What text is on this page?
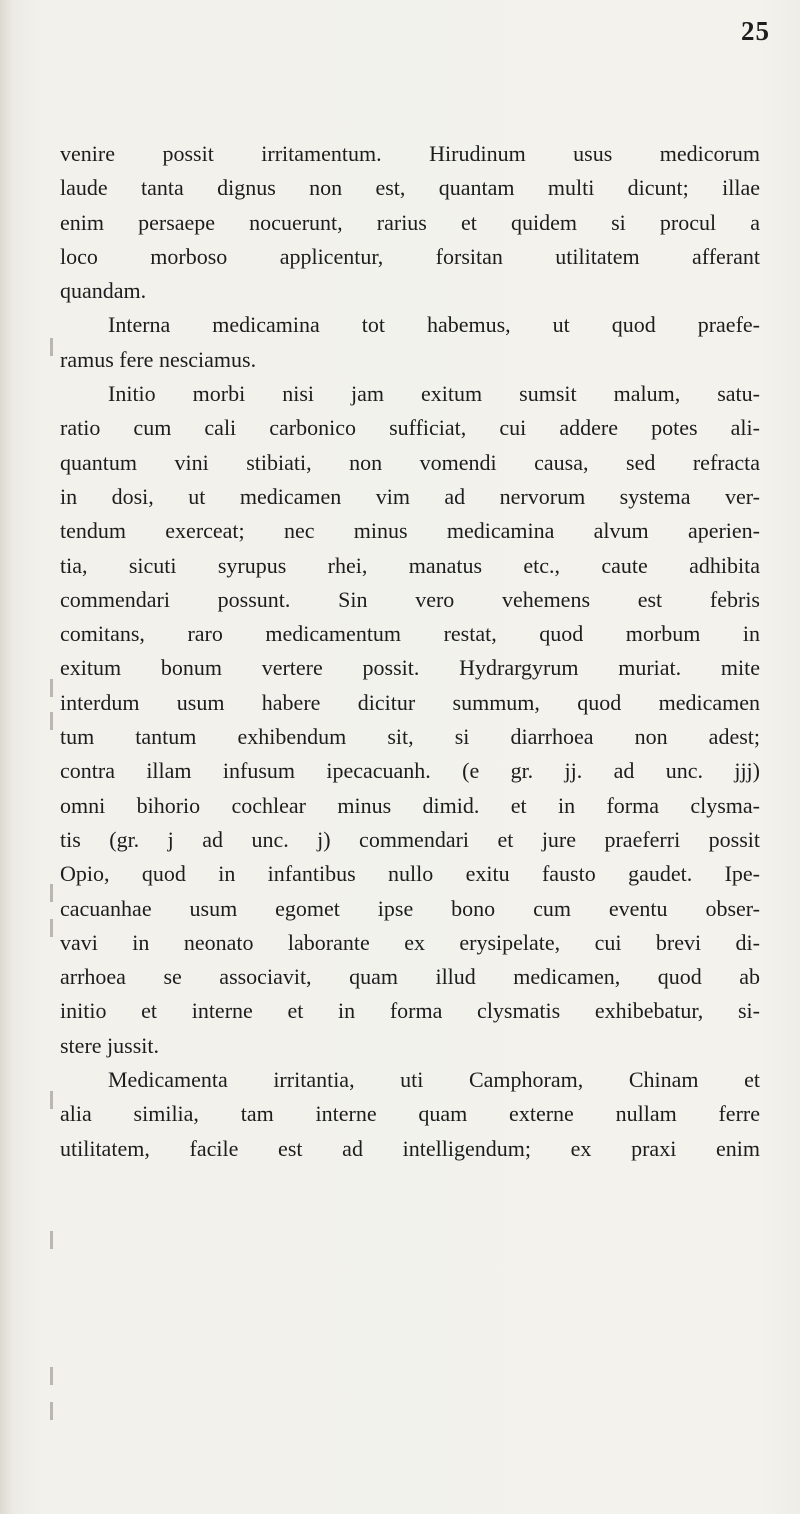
25
venire possit irritamentum. Hirudinum usus medicorum
laude tanta dignus non est, quantam multi dicunt; illae
enim persaepe nocuerunt, rarius et quidem si procul a
loco morboso applicentur, forsitan utilitatem afferant
quandam.
Interna medicamina tot habemus, ut quod praefe-
ramus fere nesciamus.
Initio morbi nisi jam exitum sumsit malum, satu-
ratio cum cali carbonico sufficiat, cui addere potes ali-
quantum vini stibiati, non vomendi causa, sed refracta
in dosi, ut medicamen vim ad nervorum systema ver-
tendum exerceat; nec minus medicamina alvum aperien-
tia, sicuti syrupus rhei, manatus etc., caute adhibita
commendari possunt. Sin vero vehemens est febris
comitans, raro medicamentum restat, quod morbum in
exitum bonum vertere possit. Hydrargyrum muriat. mite
interdum usum habere dicitur summum, quod medicamen
tum tantum exhibendum sit, si diarrhoea non adest;
contra illam infusum ipecacuanh. (e gr. jj. ad unc. jjj)
omni bihorio cochlear minus dimid. et in forma clysma-
tis (gr. j ad unc. j) commendari et jure praeferri possit
Opio, quod in infantibus nullo exitu fausto gaudet. Ipe-
cacuanhae usum egomet ipse bono cum eventu obser-
vavi in neonato laborante ex erysipelate, cui brevi di-
arrhoea se associavit, quam illud medicamen, quod ab
initio et interne et in forma clysmatis exhibebatur, si-
stere jussit.
Medicamenta irritantia, uti Camphoram, Chinam et
alia similia, tam interne quam externe nullam ferre
utilitatem, facile est ad intelligendum; ex praxi enim
